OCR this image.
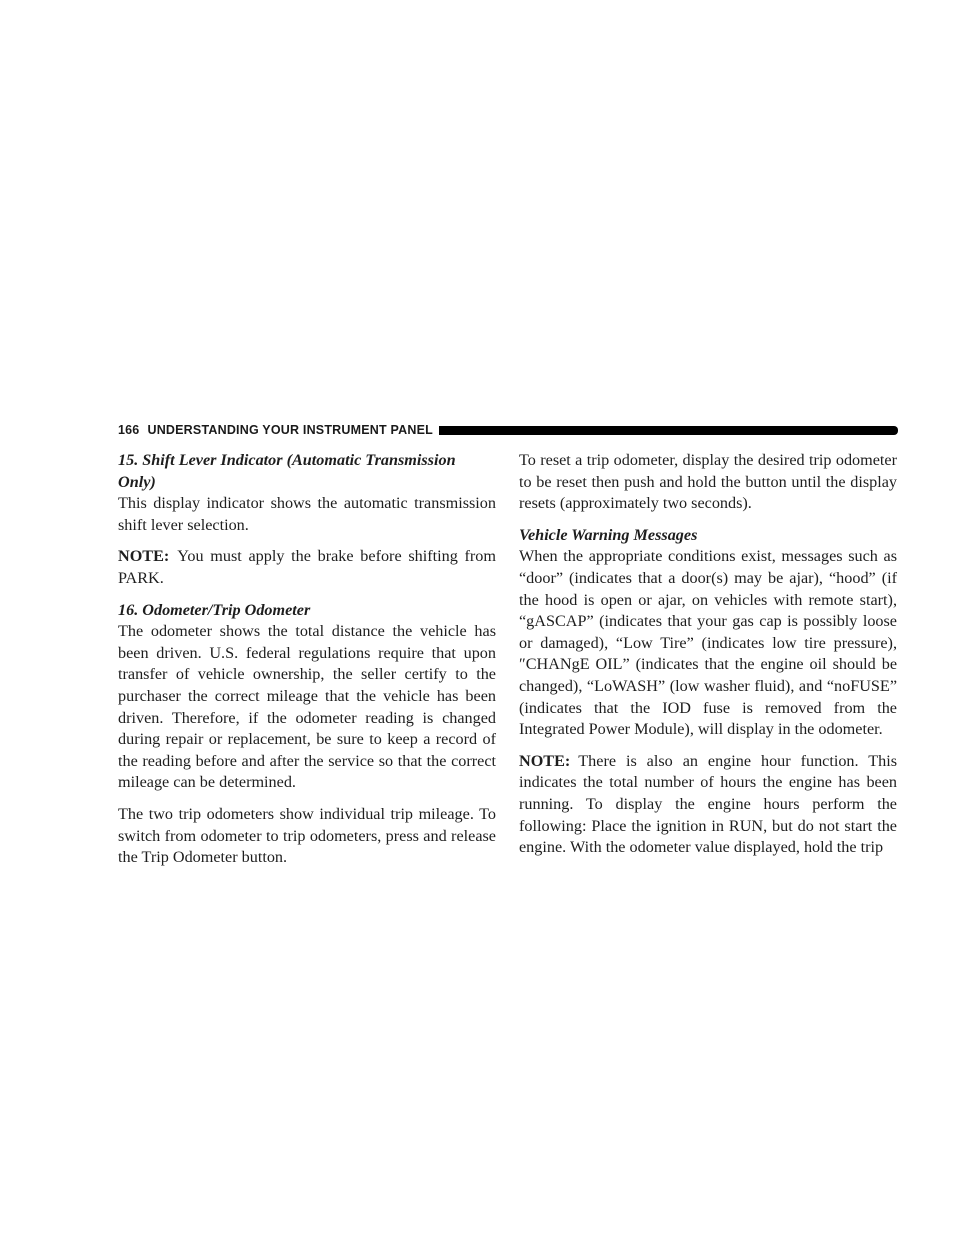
166 UNDERSTANDING YOUR INSTRUMENT PANEL

15. Shift Lever Indicator (Automatic Transmission Only)

This display indicator shows the automatic transmission shift lever selection.

NOTE: You must apply the brake before shifting from PARK.

16. Odometer/Trip Odometer

The odometer shows the total distance the vehicle has been driven. U.S. federal regulations require that upon transfer of vehicle ownership, the seller certify to the purchaser the correct mileage that the vehicle has been driven. Therefore, if the odometer reading is changed during repair or replacement, be sure to keep a record of the reading before and after the service so that the correct mileage can be determined.

The two trip odometers show individual trip mileage. To switch from odometer to trip odometers, press and release the Trip Odometer button.

To reset a trip odometer, display the desired trip odometer to be reset then push and hold the button until the display resets (approximately two seconds).

Vehicle Warning Messages

When the appropriate conditions exist, messages such as “door” (indicates that a door(s) may be ajar), “hood” (if the hood is open or ajar, on vehicles with remote start), “gASCAP” (indicates that your gas cap is possibly loose or damaged), “Low Tire” (indicates low tire pressure), ″CHANgE OIL” (indicates that the engine oil should be changed), “LoWASH” (low washer fluid), and “noFUSE” (indicates that the IOD fuse is removed from the Integrated Power Module), will display in the odometer.

NOTE: There is also an engine hour function. This indicates the total number of hours the engine has been running. To display the engine hours perform the following: Place the ignition in RUN, but do not start the engine. With the odometer value displayed, hold the trip
